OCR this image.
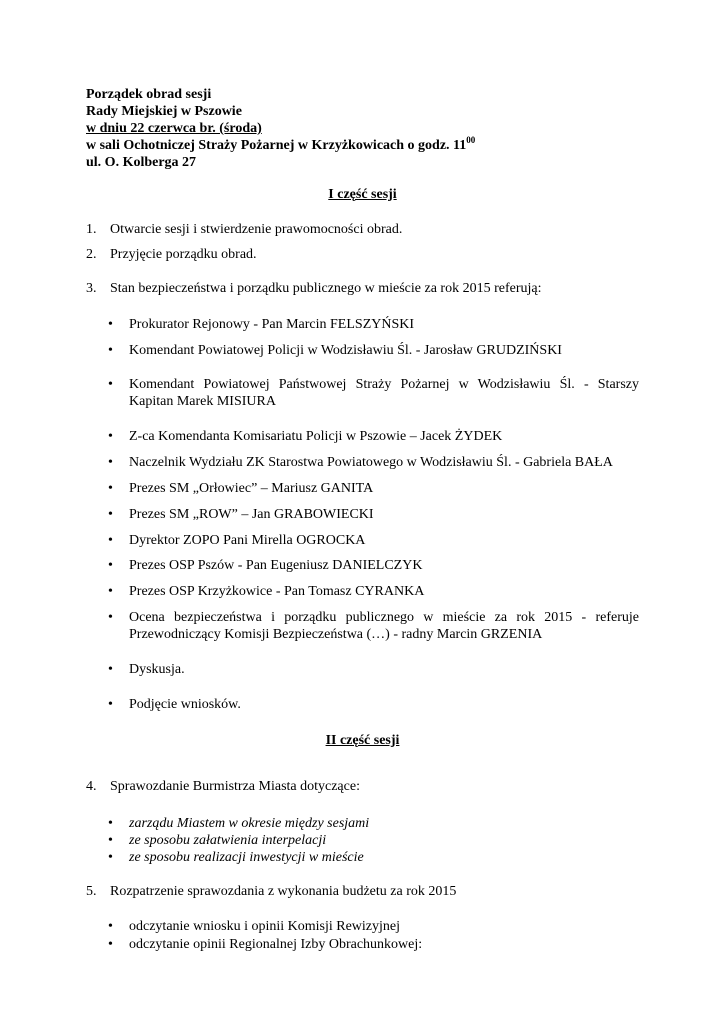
Porządek obrad sesji
Rady Miejskiej w Pszowie
w dniu 22 czerwca br. (środa)
w sali Ochotniczej Straży Pożarnej w Krzyżkowicach o godz. $11^{00}$
ul. O. Kolberga 27
I część sesji
1. Otwarcie sesji i stwierdzenie prawomocności obrad.
2. Przyjęcie porządku obrad.
3. Stan bezpieczeństwa i porządku publicznego w mieście za rok 2015 referują:
• Prokurator Rejonowy - Pan Marcin FELSZYŃSKI
• Komendant Powiatowej Policji w Wodzisławiu Śl. - Jarosław GRUDZIŃSKI
• Komendant Powiatowej Państwowej Straży Pożarnej w Wodzisławiu Śl. - Starszy
Kapitan Marek MISIURA
• Z-ca Komendanta Komisariatu Policji w Pszowie – Jacek ŻYDEK
• Naczelnik Wydziału ZK Starostwa Powiatowego w Wodzisławiu Śl. - Gabriela BAŁA
• Prezes SM „Orłowiec” – Mariusz GANITA
• Prezes SM „ROW” – Jan GRABOWIECKI
• Dyrektor ZOPO Pani Mirella OGROCKA
• Prezes OSP Pszów - Pan Eugeniusz DANIELCZYK
• Prezes OSP Krzyżkowice - Pan Tomasz CYRANKA
• Ocena bezpieczeństwa i porządku publicznego w mieście za rok 2015 - referuje
Przewodniczący Komisji Bezpieczeństwa (…) - radny Marcin GRZENIA
• Dyskusja.
• Podjęcie wniosków.
II część sesji
4. Sprawozdanie Burmistrza Miasta dotyczące:
• zarządu Miastem w okresie między sesjami
• ze sposobu załatwienia interpelacji
• ze sposobu realizacji inwestycji w mieście
5. Rozpatrzenie sprawozdania z wykonania budżetu za rok 2015
• odczytanie wniosku i opinii Komisji Rewizyjnej
• odczytanie opinii Regionalnej Izby Obrachunkowej:
